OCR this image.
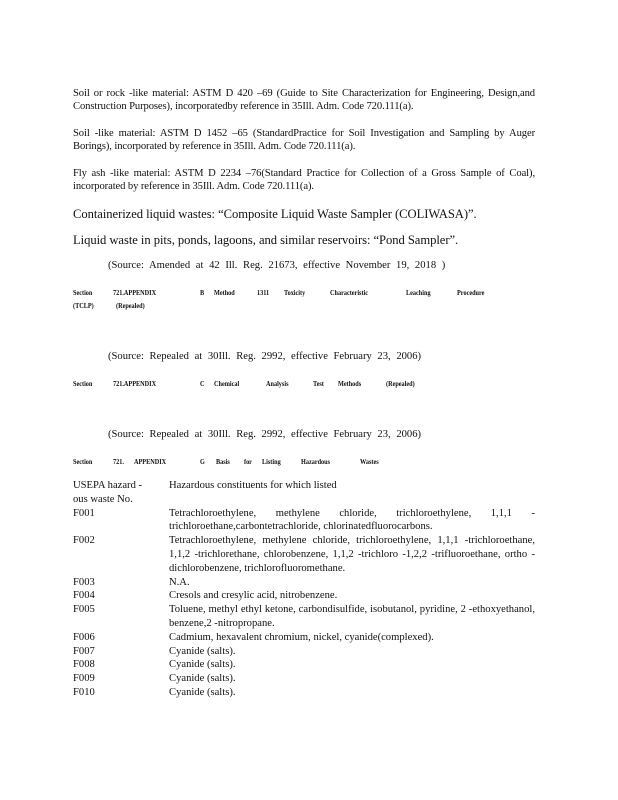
Soil or rock -like material: ASTM D 420 –69 (Guide to Site Characterization for Engineering, Design,and Construction Purposes), incorporatedby reference in 35Ill. Adm. Code 720.111(a).
Soil -like material: ASTM D 1452 –65 (StandardPractice for Soil Investigation and Sampling by Auger Borings), incorporated by reference in 35Ill. Adm. Code 720.111(a).
Fly ash -like material: ASTM D 2234 –76(Standard Practice for Collection of a Gross Sample of Coal), incorporated by reference in 35Ill. Adm. Code 720.111(a).
Containerized liquid wastes: “Composite Liquid Waste Sampler (COLIWASA)”.
Liquid waste in pits, ponds, lagoons, and similar reservoirs: “Pond Sampler”.
(Source: Amended at 42 Ill. Reg. 21673, effective November 19, 2018 )
Section	721.APPENDIX	B Method	1311 Toxicity	Characteristic	Leaching	Procedure
(TCLP)	(Repealed)
(Source: Repealed at 30Ill. Reg. 2992, effective February 23, 2006)
Section	721.APPENDIX	C Chemical	Analysis	Test Methods	(Repealed)
(Source: Repealed at 30Ill. Reg. 2992, effective February 23, 2006)
Section	721. APPENDIX	G Basis for Listing	Hazardous	Wastes
USEPA hazard -
ous waste No.
Hazardous constituents for which listed
F001	Tetrachloroethylene, methylene chloride, trichloroethylene, 1,1,1 -trichloroethane,carbontetrachloride, chlorinatedfluorocarbons.
F002	Tetrachloroethylene, methylene chloride, trichloroethylene, 1,1,1 -trichloroethane, 1,1,2 -trichlorethane, chlorobenzene, 1,1,2 -trichloro -1,2,2 -trifluoroethane, ortho -dichlorobenzene, trichlorofluoromethane.
F003	N.A.
F004	Cresols and cresylic acid, nitrobenzene.
F005	Toluene, methyl ethyl ketone, carbondisulfide, isobutanol, pyridine, 2 -ethoxyethanol, benzene,2 -nitropropane.
F006	Cadmium, hexavalent chromium, nickel, cyanide(complexed).
F007	Cyanide (salts).
F008	Cyanide (salts).
F009	Cyanide (salts).
F010	Cyanide (salts).
